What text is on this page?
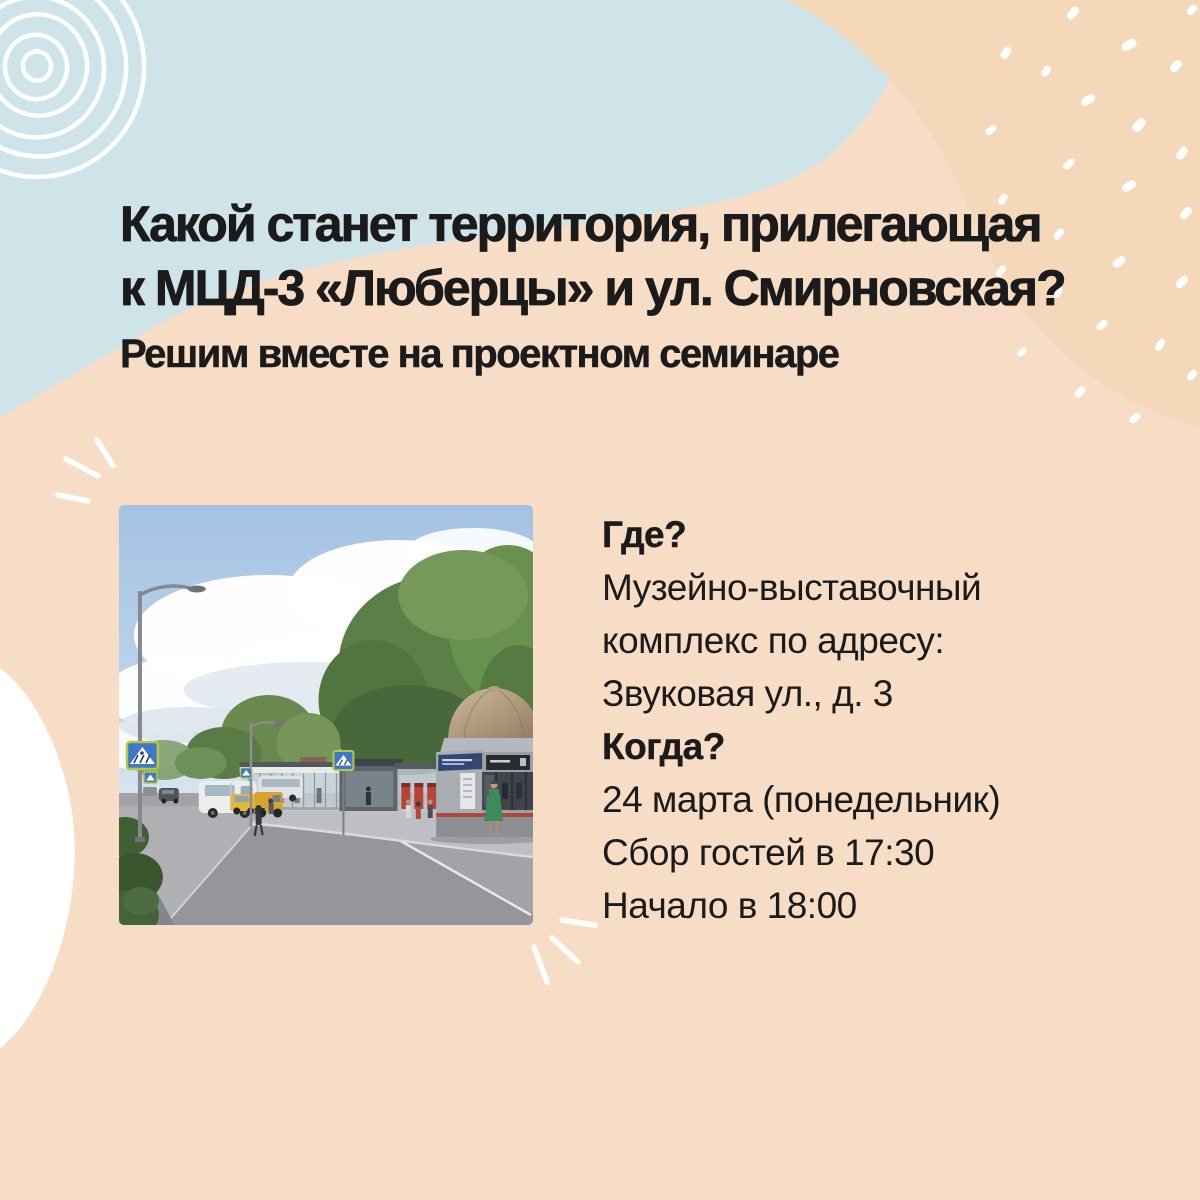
Какой станет территория, прилегающая
к МЦД-3 «Люберцы» и ул. Смирновская?
Решим вместе на проектном семинаре
Где?
Музейно-выставочный
комплекс по адресу:
Звуковая ул., д. 3
Когда?
24 марта (понедельник)
Сбор гостей в 17:30
Начало в 18:00
